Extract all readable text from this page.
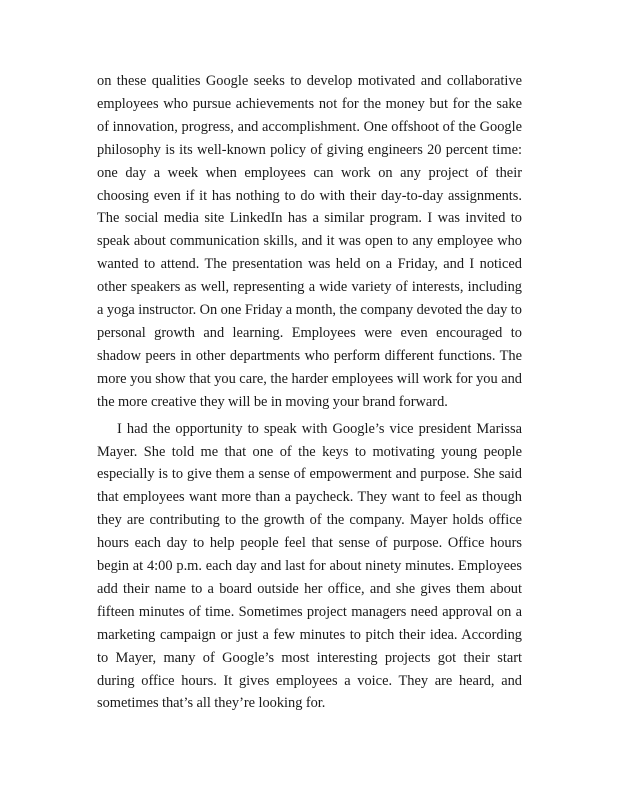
on these qualities Google seeks to develop motivated and collaborative employees who pursue achievements not for the money but for the sake of innovation, progress, and accomplishment. One offshoot of the Google philosophy is its well-known policy of giving engineers 20 percent time: one day a week when employees can work on any project of their choosing even if it has nothing to do with their day-to-day assignments. The social media site LinkedIn has a similar program. I was invited to speak about communication skills, and it was open to any employee who wanted to attend. The presentation was held on a Friday, and I noticed other speakers as well, representing a wide variety of interests, including a yoga instructor. On one Friday a month, the company devoted the day to personal growth and learning. Employees were even encouraged to shadow peers in other departments who perform different functions. The more you show that you care, the harder employees will work for you and the more creative they will be in moving your brand forward.

I had the opportunity to speak with Google’s vice president Marissa Mayer. She told me that one of the keys to motivating young people especially is to give them a sense of empowerment and purpose. She said that employees want more than a paycheck. They want to feel as though they are contributing to the growth of the company. Mayer holds office hours each day to help people feel that sense of purpose. Office hours begin at 4:00 p.m. each day and last for about ninety minutes. Employees add their name to a board outside her office, and she gives them about fifteen minutes of time. Sometimes project managers need approval on a marketing campaign or just a few minutes to pitch their idea. According to Mayer, many of Google’s most interesting projects got their start during office hours. It gives employees a voice. They are heard, and sometimes that’s all they’re looking for.
